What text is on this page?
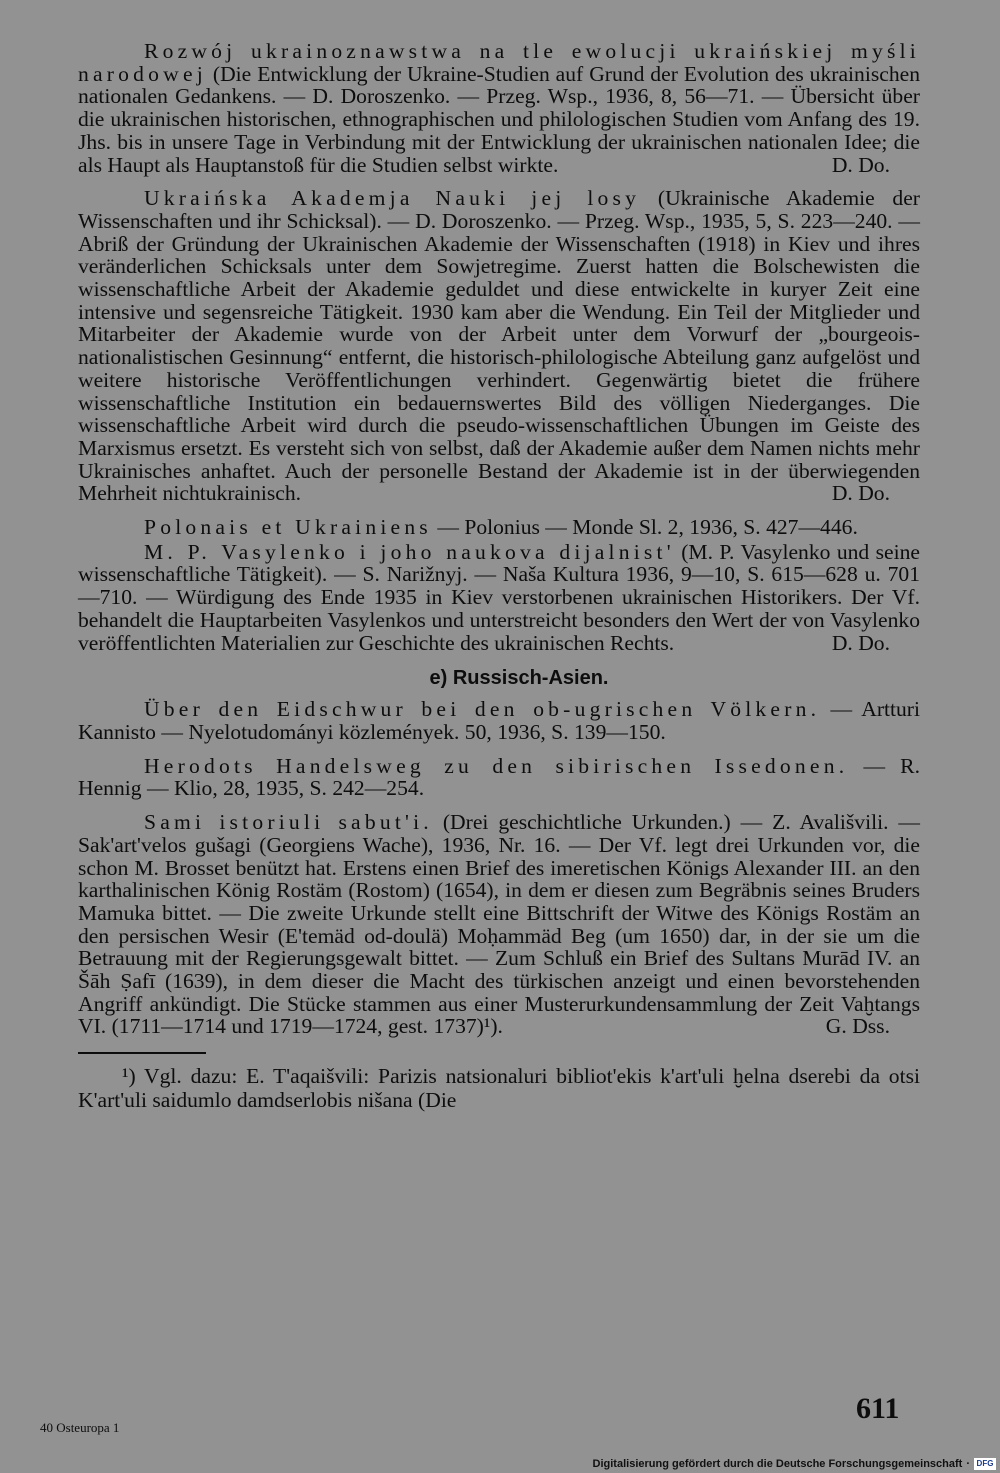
Rozwój ukrainoznawstwa na tle ewolucji ukraińskiej myśli narodowej (Die Entwicklung der Ukraine-Studien auf Grund der Evolution des ukrainischen nationalen Gedankens. — D. Doroszenko. — Przeg. Wsp., 1936, 8, 56—71. — Übersicht über die ukrainischen historischen, ethnographischen und philologischen Studien vom Anfang des 19. Jhs. bis in unsere Tage in Verbindung mit der Entwicklung der ukrainischen nationalen Idee; die als Haupt als Hauptanstoß für die Studien selbst wirkte.	D. Do.

Ukraińska Akademja Nauki jej losy (Ukrainische Akademie der Wissenschaften und ihr Schicksal). — D. Doroszenko. — Przeg. Wsp., 1935, 5, S. 223—240. — Abriß der Gründung der Ukrainischen Akademie der Wissenschaften (1918) in Kiev und ihres veränderlichen Schicksals unter dem Sowjetregime. Zuerst hatten die Bolschewisten die wissenschaftliche Arbeit der Akademie geduldet und diese entwickelte in kuryer Zeit eine intensive und segensreiche Tätigkeit. 1930 kam aber die Wendung. Ein Teil der Mitglieder und Mitarbeiter der Akademie wurde von der Arbeit unter dem Vorwurf der „bourgeois-nationalistischen Gesinnung“ entfernt, die historisch-philologische Abteilung ganz aufgelöst und weitere historische Veröffentlichungen verhindert. Gegenwärtig bietet die frühere wissenschaftliche Institution ein bedauernswertes Bild des völligen Niederganges. Die wissenschaftliche Arbeit wird durch die pseudo-wissenschaftlichen Übungen im Geiste des Marxismus ersetzt. Es versteht sich von selbst, daß der Akademie außer dem Namen nichts mehr Ukrainisches anhaftet. Auch der personelle Bestand der Akademie ist in der überwiegenden Mehrheit nichtukrainisch.	D. Do.

Polonais et Ukrainiens — Polonius — Monde Sl. 2, 1936, S. 427—446.

M. P. Vasylenko i joho naukova dijalnist' (M. P. Vasylenko und seine wissenschaftliche Tätigkeit). — S. Narižnyj. — Naša Kultura 1936, 9—10, S. 615—628 u. 701—710. — Würdigung des Ende 1935 in Kiev verstorbenen ukrainischen Historikers. Der Vf. behandelt die Hauptarbeiten Vasylenkos und unterstreicht besonders den Wert der von Vasylenko veröffentlichten Materialien zur Geschichte des ukrainischen Rechts.	D. Do.

e) Russisch-Asien.

Über den Eidschwur bei den ob-ugrischen Völkern. — Artturi Kannisto — Nyelotudományi közlemények. 50, 1936, S. 139—150.

Herodots Handelsweg zu den sibirischen Issedonen. — R. Hennig — Klio, 28, 1935, S. 242—254.

Sami istoriuli sabut'i. (Drei geschichtliche Urkunden.) — Z. Avališvili. — Sak'art'velos gušagi (Georgiens Wache), 1936, Nr. 16. — Der Vf. legt drei Urkunden vor, die schon M. Brosset benützt hat. Erstens einen Brief des imeretischen Königs Alexander III. an den karthalinischen König Rostäm (Rostom) (1654), in dem er diesen zum Begräbnis seines Bruders Mamuka bittet. — Die zweite Urkunde stellt eine Bittschrift der Witwe des Königs Rostäm an den persischen Wesir (E'temäd od-doulä) Moḥammäd Beg (um 1650) dar, in der sie um die Betrauung mit der Regierungsgewalt bittet. — Zum Schluß ein Brief des Sultans Murād IV. an Šāh Ṣafī (1639), in dem dieser die Macht des türkischen anzeigt und einen bevorstehenden Angriff ankündigt. Die Stücke stammen aus einer Musterurkundensammlung der Zeit Vaḫtangs VI. (1711—1714 und 1719—1724, gest. 1737)¹).	G. Dss.

¹) Vgl. dazu: E. T'aqaišvili: Parizis natsionaluri bibliot'ekis k'art'uli ḫelna dserebi da otsi K'art'uli saidumlo damdserlobis nišana (Die

611
40 Osteuropa 1
Digitalisierung gefördert durch die Deutsche Forschungsgemeinschaft · DFG
